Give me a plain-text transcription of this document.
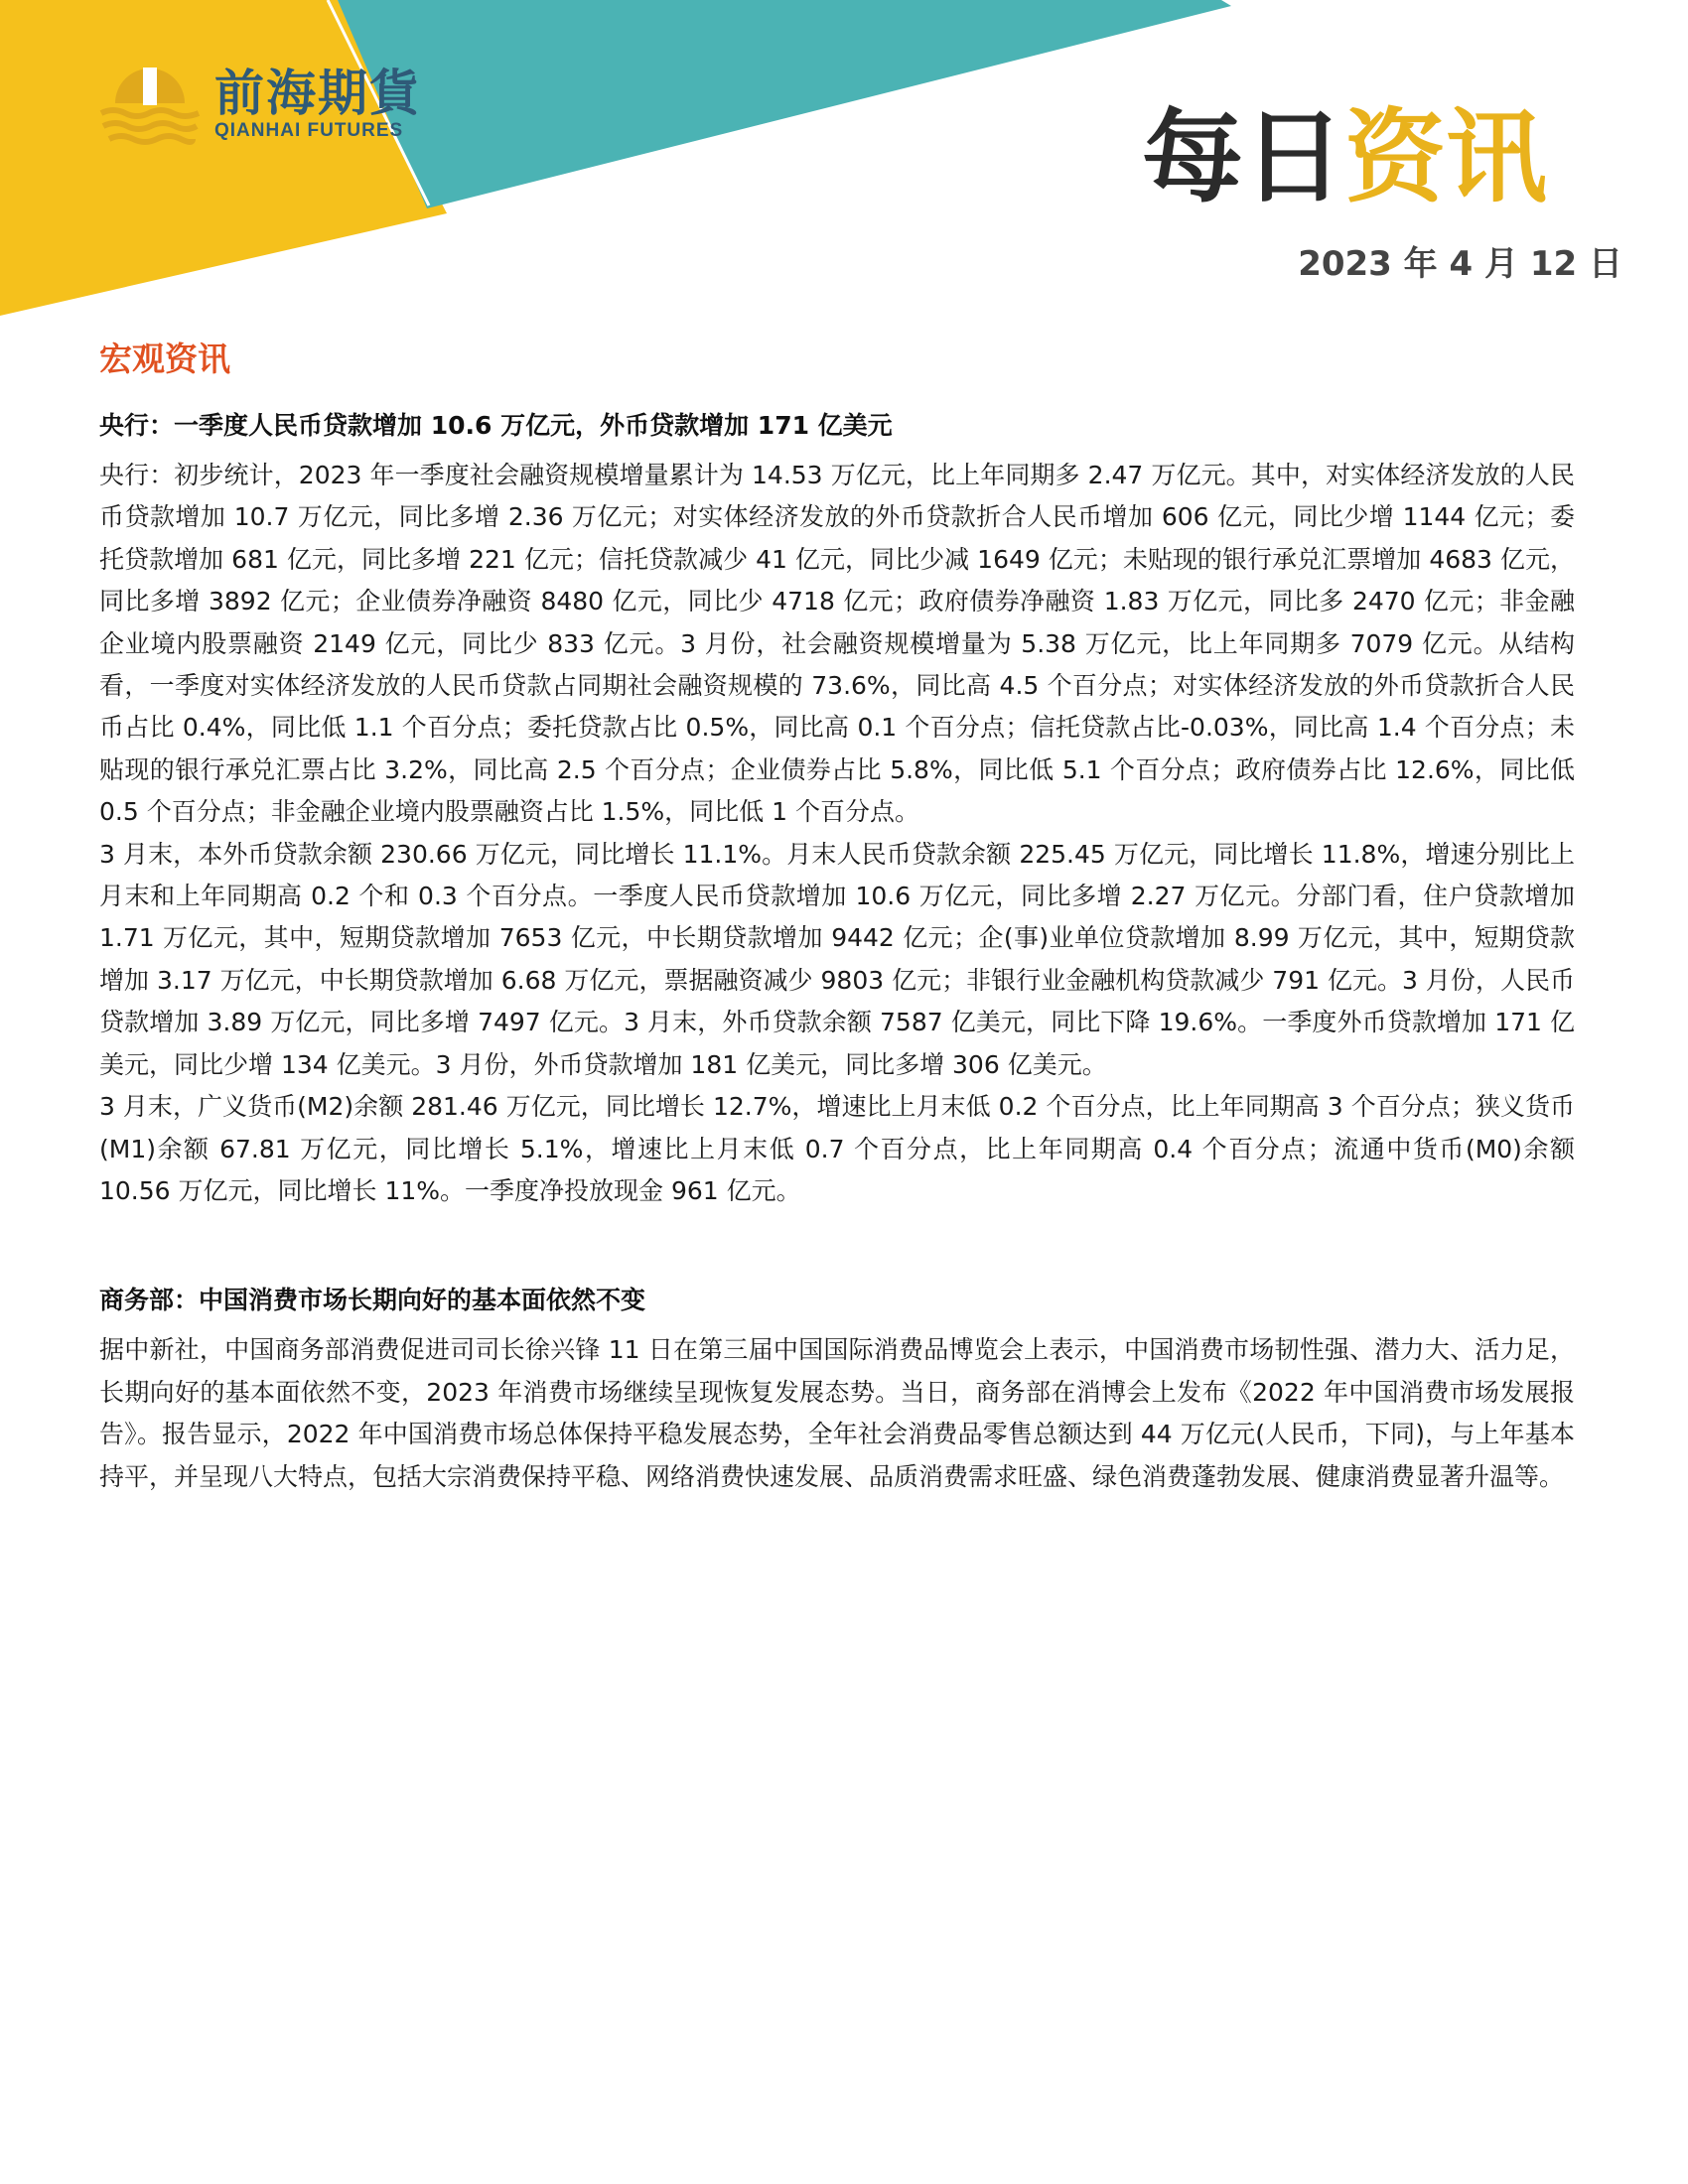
前海期貨
QIANHAI FUTURES	每日资讯
2023 年 4 月 12 日
宏观资讯
央行：一季度人民币贷款增加 10.6 万亿元，外币贷款增加 171 亿美元

央行：初步统计，2023 年一季度社会融资规模增量累计为 14.53 万亿元，比上年同期多 2.47 万亿元。其中，对实体经济发放的人民币贷款增加 10.7 万亿元，同比多增 2.36 万亿元；对实体经济发放的外币贷款折合人民币增加 606 亿元，同比少增 1144 亿元；委托贷款增加 681 亿元，同比多增 221 亿元；信托贷款减少 41 亿元，同比少减 1649 亿元；未贴现的银行承兑汇票增加 4683 亿元，同比多增 3892 亿元；企业债券净融资 8480 亿元，同比少 4718 亿元；政府债券净融资 1.83 万亿元，同比多 2470 亿元；非金融企业境内股票融资 2149 亿元，同比少 833 亿元。3 月份，社会融资规模增量为 5.38 万亿元，比上年同期多 7079 亿元。从结构看，一季度对实体经济发放的人民币贷款占同期社会融资规模的 73.6%，同比高 4.5 个百分点；对实体经济发放的外币贷款折合人民币占比 0.4%，同比低 1.1 个百分点；委托贷款占比 0.5%，同比高 0.1 个百分点；信托贷款占比-0.03%，同比高 1.4 个百分点；未贴现的银行承兑汇票占比 3.2%，同比高 2.5 个百分点；企业债券占比 5.8%，同比低 5.1 个百分点；政府债券占比 12.6%，同比低 0.5 个百分点；非金融企业境内股票融资占比 1.5%，同比低 1 个百分点。

3 月末，本外币贷款余额 230.66 万亿元，同比增长 11.1%。月末人民币贷款余额 225.45 万亿元，同比增长 11.8%，增速分别比上月末和上年同期高 0.2 个和 0.3 个百分点。一季度人民币贷款增加 10.6 万亿元，同比多增 2.27 万亿元。分部门看，住户贷款增加 1.71 万亿元，其中，短期贷款增加 7653 亿元，中长期贷款增加 9442 亿元；企(事)业单位贷款增加 8.99 万亿元，其中，短期贷款增加 3.17 万亿元，中长期贷款增加 6.68 万亿元，票据融资减少 9803 亿元；非银行业金融机构贷款减少 791 亿元。3 月份，人民币贷款增加 3.89 万亿元，同比多增 7497 亿元。3 月末，外币贷款余额 7587 亿美元，同比下降 19.6%。一季度外币贷款增加 171 亿美元，同比少增 134 亿美元。3 月份，外币贷款增加 181 亿美元，同比多增 306 亿美元。

3 月末，广义货币(M2)余额 281.46 万亿元，同比增长 12.7%，增速比上月末低 0.2 个百分点，比上年同期高 3 个百分点；狭义货币(M1)余额 67.81 万亿元，同比增长 5.1%，增速比上月末低 0.7 个百分点，比上年同期高 0.4 个百分点；流通中货币(M0)余额 10.56 万亿元，同比增长 11%。一季度净投放现金 961 亿元。

商务部：中国消费市场长期向好的基本面依然不变

据中新社，中国商务部消费促进司司长徐兴锋 11 日在第三届中国国际消费品博览会上表示，中国消费市场韧性强、潜力大、活力足，长期向好的基本面依然不变，2023 年消费市场继续呈现恢复发展态势。当日，商务部在消博会上发布《2022 年中国消费市场发展报告》。报告显示，2022 年中国消费市场总体保持平稳发展态势，全年社会消费品零售总额达到 44 万亿元(人民币，下同)，与上年基本持平，并呈现八大特点，包括大宗消费保持平稳、网络消费快速发展、品质消费需求旺盛、绿色消费蓬勃发展、健康消费显著升温等。
